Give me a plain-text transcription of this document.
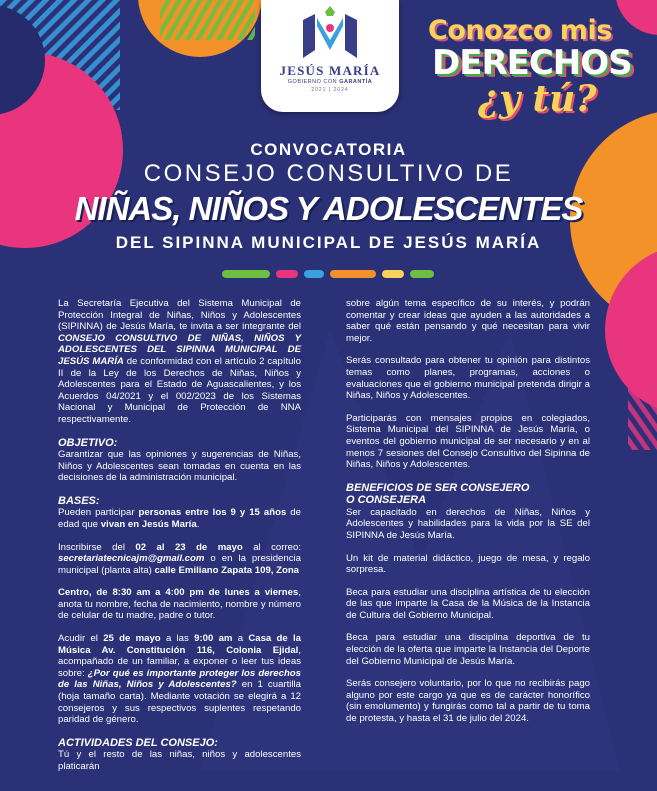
JESÚS MARÍA
GOBIERNO CON GARANTÍA
2021 | 2024
Conozco mis
DERECHOS
¿y tú?
CONVOCATORIA
CONSEJO CONSULTIVO DE
NIÑAS, NIÑOS Y ADOLESCENTES
DEL SIPINNA MUNICIPAL DE JESÚS MARÍA

La Secretaría Ejecutiva del Sistema Municipal de Protección Integral de Niñas, Niños y Adolescentes (SIPINNA) de Jesús María, te invita a ser integrante del CONSEJO CONSULTIVO DE NIÑAS, NIÑOS Y ADOLESCENTES DEL SIPINNA MUNICIPAL DE JESÚS MARÍA de conformidad con el artículo 2 capítulo II de la Ley de los Derechos de Niñas, Niños y Adolescentes para el Estado de Aguascalientes, y los Acuerdos 04/2021 y el 002/2023 de los Sistemas Nacional y Municipal de Protección de NNA respectivamente.

OBJETIVO:

Garantizar que las opiniones y sugerencias de Niñas, Niños y Adolescentes sean tomadas en cuenta en las decisiones de la administración municipal.

BASES:

Pueden participar personas entre los 9 y 15 años de edad que vivan en Jesús María.

Inscribirse del 02 al 23 de mayo al correo: secretariatecnicajm@gmail.com o en la presidencia municipal (planta alta) calle Emiliano Zapata 109, Zona

Centro, de 8:30 am a 4:00 pm de lunes a viernes, anota tu nombre, fecha de nacimiento, nombre y número de celular de tu madre, padre o tutor.

Acudir el 25 de mayo a las 9:00 am a Casa de la Música Av. Constitución 116, Colonia Ejidal, acompañado de un familiar, a exponer o leer tus ideas sobre: ¿Por qué es importante proteger los derechos de las Niñas, Niños y Adolescentes? en 1 cuartilla (hoja tamaño carta). Mediante votación se elegirá a 12 consejeros y sus respectivos suplentes respetando paridad de género.

ACTIVIDADES DEL CONSEJO:

Tú y el resto de las niñas, niños y adolescentes platicarán

sobre algún tema específico de su interés, y podrán comentar y crear ideas que ayuden a las autoridades a saber qué están pensando y qué necesitan para vivir mejor.

Serás consultado para obtener tu opinión para distintos temas como planes, programas, acciones o evaluaciones que el gobierno municipal pretenda dirigir a Niñas, Niños y Adolescentes.

Participarás con mensajes propios en colegiados, Sistema Municipal del SIPINNA de Jesús María, o eventos del gobierno municipal de ser necesario y en al menos 7 sesiones del Consejo Consultivo del Sipinna de Niñas, Niños y Adolescentes.

BENEFICIOS DE SER CONSEJERO
O CONSEJERA

Ser capacitado en derechos de Niñas, Niños y Adolescentes y habilidades para la vida por la SE del SIPINNA de Jesús María.

Un kit de material didáctico, juego de mesa, y regalo sorpresa.

Beca para estudiar una disciplina artística de tu elección de las que imparte la Casa de la Música de la Instancia de Cultura del Gobierno Municipal.

Beca para estudiar una disciplina deportiva de tu elección de la oferta que imparte la Instancia del Deporte del Gobierno Municipal de Jesús María.

Serás consejero voluntario, por lo que no recibirás pago alguno por este cargo ya que es de carácter honorífico (sin emolumento) y fungirás como tal a partir de tu toma de protesta, y hasta el 31 de julio del 2024.
